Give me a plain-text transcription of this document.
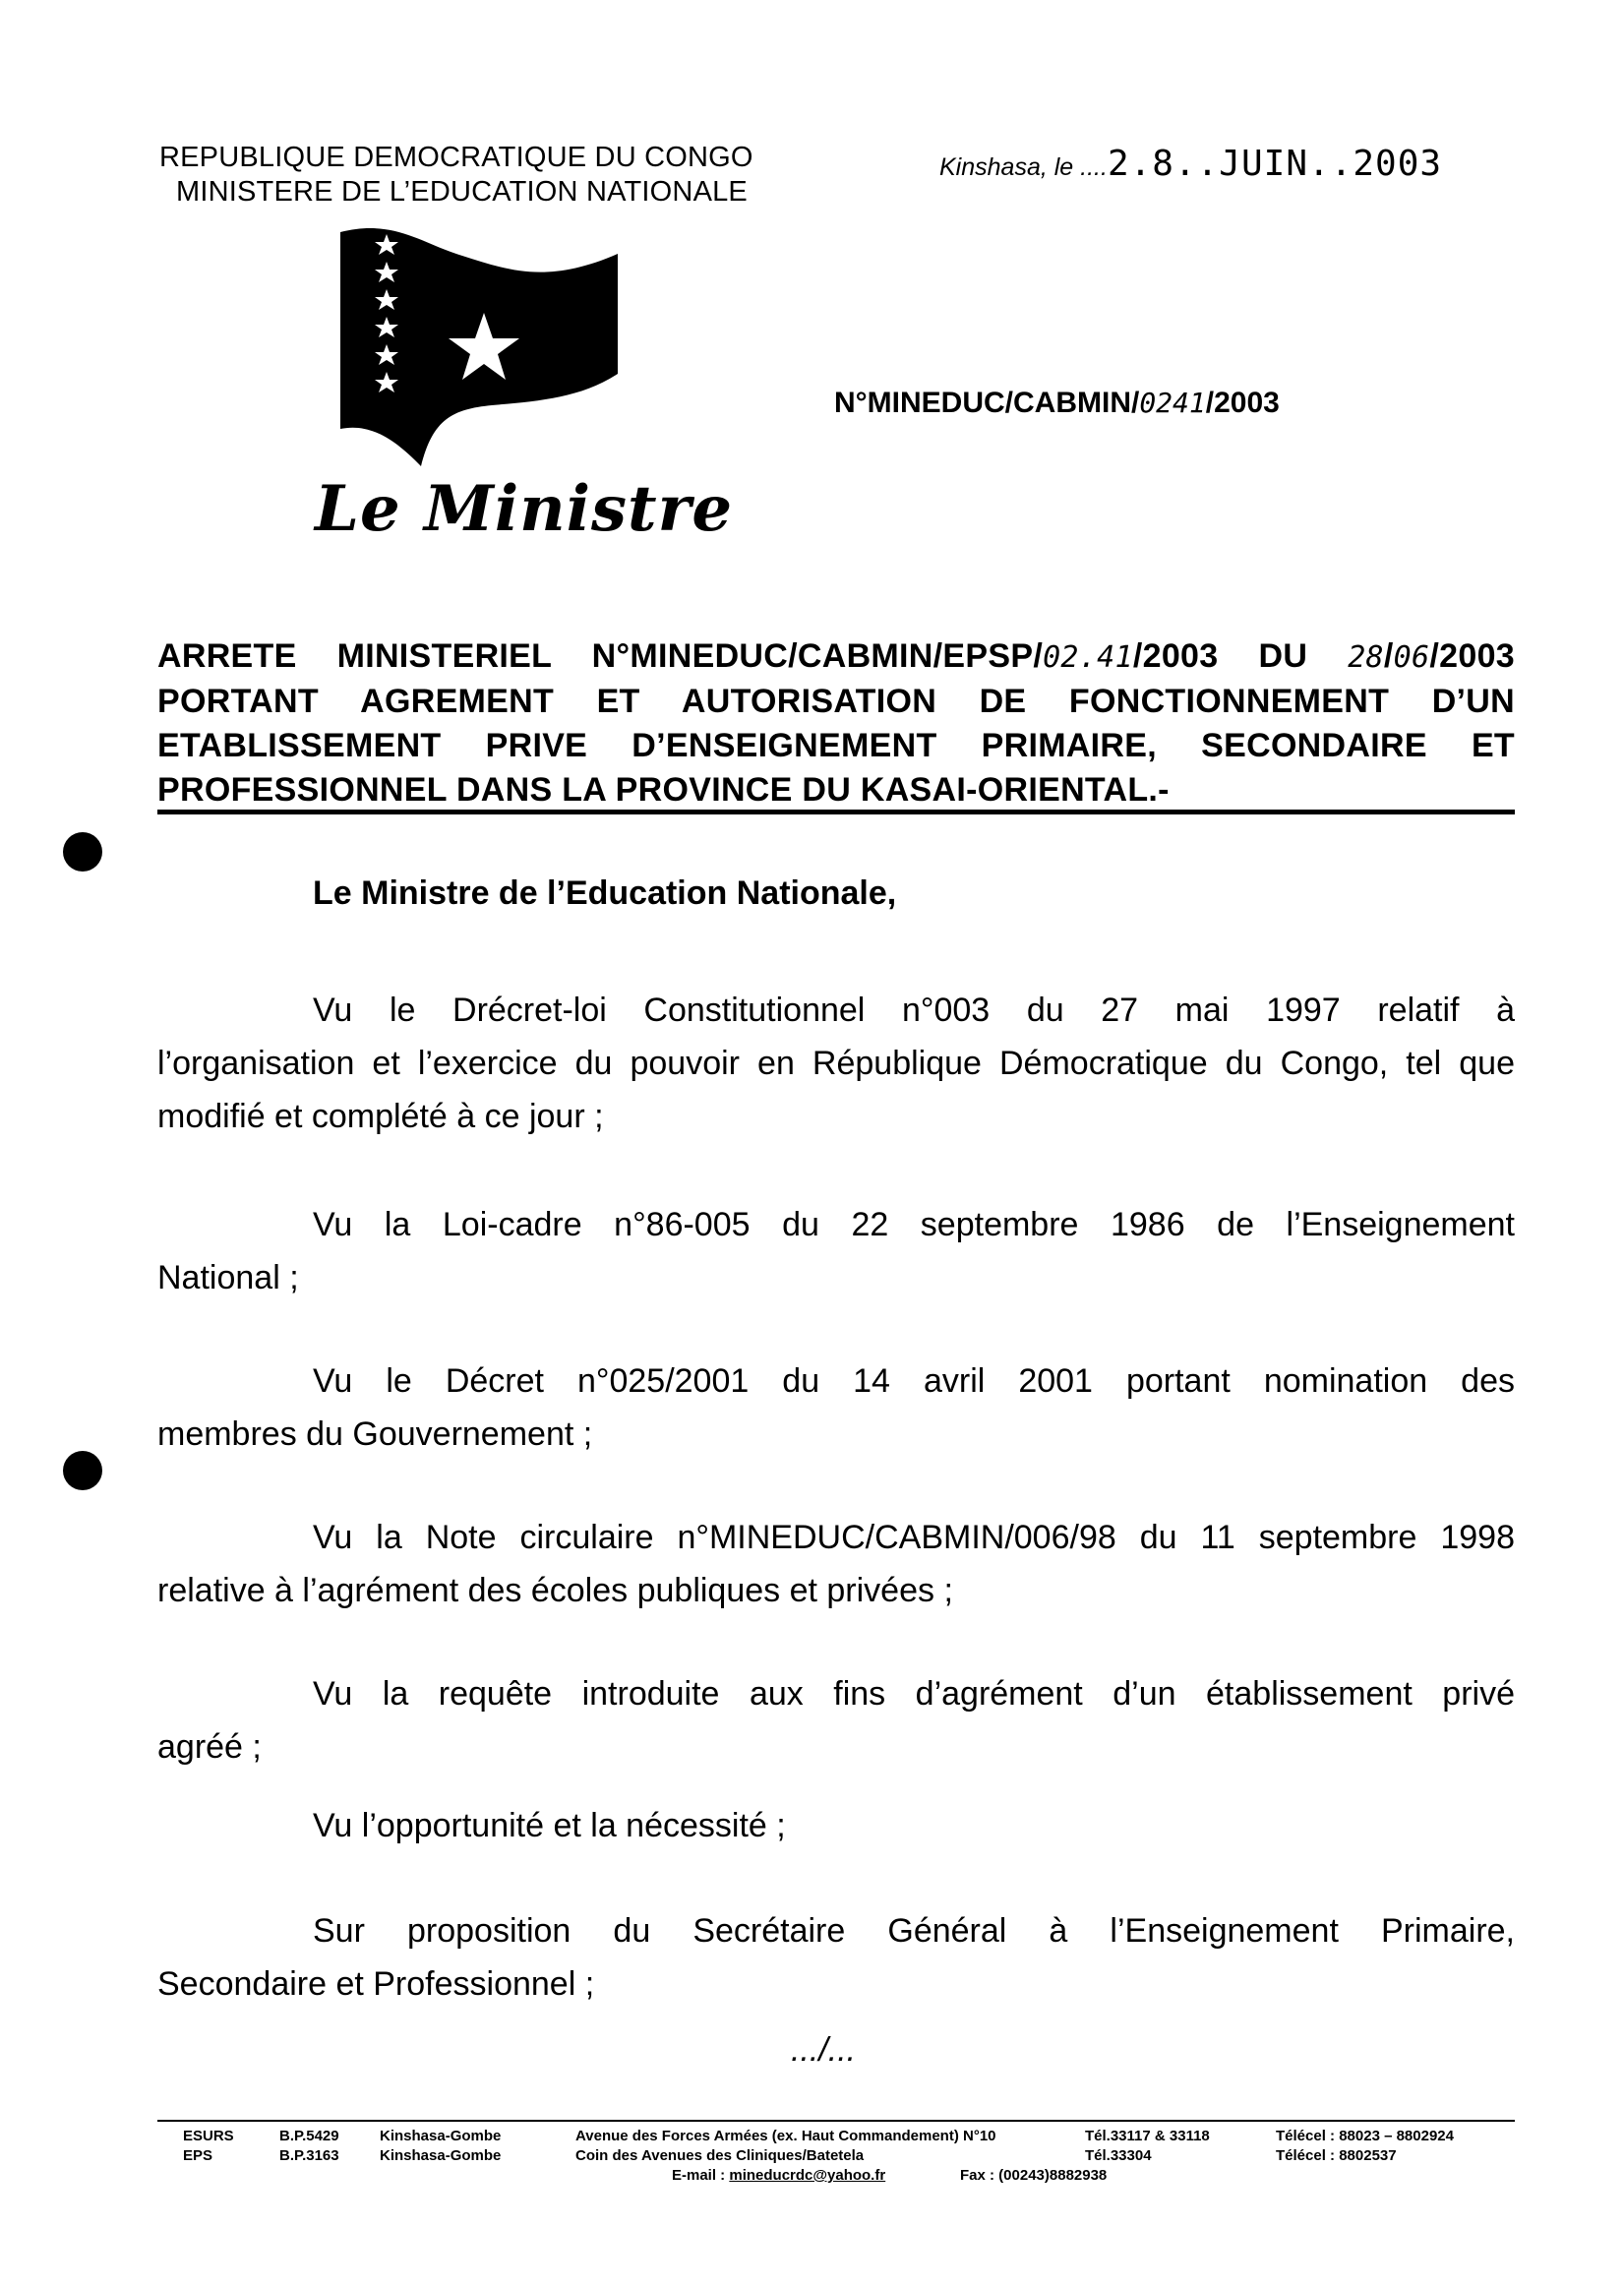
REPUBLIQUE DEMOCRATIQUE DU CONGO
MINISTERE DE L’EDUCATION NATIONALE
Kinshasa, le ....2.8..JUIN..2003
Le Ministre
N°MINEDUC/CABMIN/0241/2003
ARRETE MINISTERIEL N°MINEDUC/CABMIN/EPSP/02.41/2003 DU 28/06/2003
PORTANT AGREMENT ET AUTORISATION DE FONCTIONNEMENT D’UN
ETABLISSEMENT PRIVE D’ENSEIGNEMENT PRIMAIRE, SECONDAIRE ET
PROFESSIONNEL DANS LA PROVINCE DU KASAI-ORIENTAL.-
Le Ministre de l’Education Nationale,
Vu le Drécret-loi Constitutionnel n°003 du 27 mai 1997 relatif à
l’organisation et l’exercice du pouvoir en République Démocratique du Congo, tel que modifié et complété à ce jour ;
Vu la Loi-cadre n°86-005 du 22 septembre 1986 de l’Enseignement
National ;
Vu le Décret n°025/2001 du 14 avril 2001 portant nomination des
membres du Gouvernement ;
Vu la Note circulaire n°MINEDUC/CABMIN/006/98 du 11 septembre 1998
relative à l’agrément des écoles publiques et privées ;
Vu la requête introduite aux fins d’agrément d’un établissement privé
agréé ;
Vu l’opportunité et la nécessité ;
Sur proposition du Secrétaire Général à l’Enseignement Primaire,
Secondaire et Professionnel ;
.../...
ESURS	B.P.5429	Kinshasa-Gombe	Avenue des Forces Armées (ex. Haut Commandement) N°10	Tél.33117 & 33118	Télécel : 88023 – 8802924
EPS	B.P.3163	Kinshasa-Gombe	Coin des Avenues des Cliniques/Batetela	Tél.33304	Télécel : 8802537
E-mail : mineducrdc@yahoo.fr	Fax : (00243)8882938
